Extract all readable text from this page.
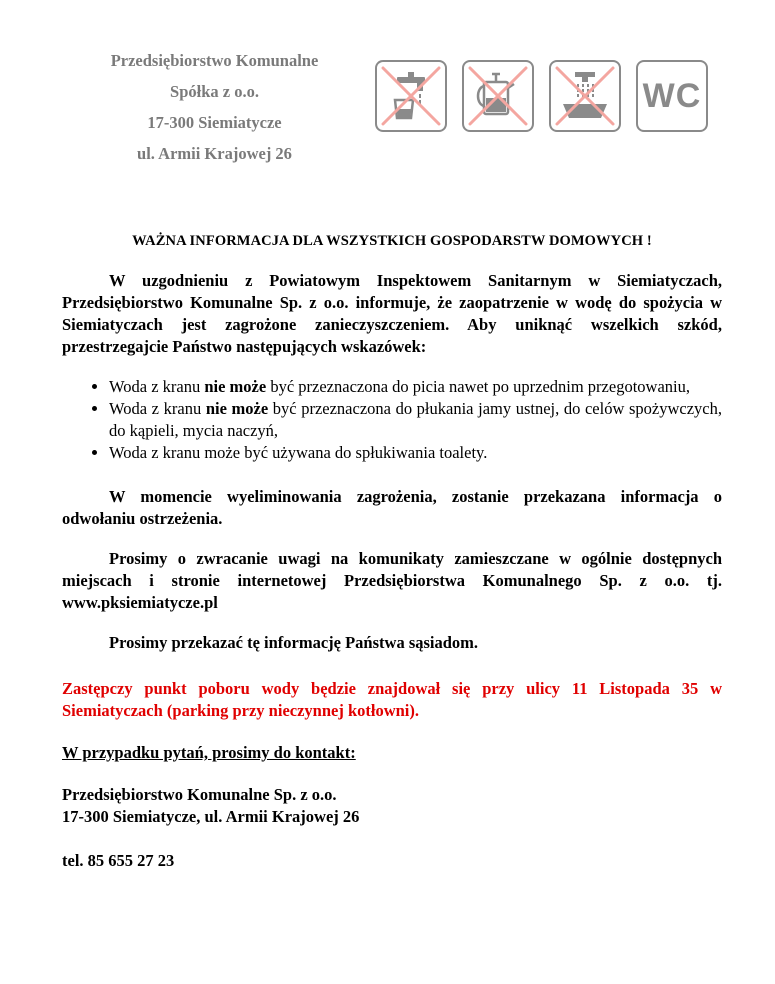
Przedsiębiorstwo Komunalne
Spółka z o.o.
17-300 Siemiatycze
ul. Armii Krajowej 26
WC
WAŻNA INFORMACJA DLA WSZYSTKICH GOSPODARSTW DOMOWYCH !

W uzgodnieniu z Powiatowym Inspektowem Sanitarnym w Siemiatyczach, Przedsiębiorstwo Komunalne Sp. z o.o. informuje, że zaopatrzenie w wodę do spożycia w Siemiatyczach jest zagrożone zanieczyszczeniem. Aby uniknąć wszelkich szkód, przestrzegajcie Państwo następujących wskazówek:

• Woda z kranu nie może być przeznaczona do picia nawet po uprzednim przegotowaniu,
• Woda z kranu nie może być przeznaczona do płukania jamy ustnej, do celów spożywczych, do kąpieli, mycia naczyń,
• Woda z kranu może być używana do spłukiwania toalety.

W momencie wyeliminowania zagrożenia, zostanie przekazana informacja o odwołaniu ostrzeżenia.

Prosimy o zwracanie uwagi na komunikaty zamieszczane w ogólnie dostępnych miejscach i stronie internetowej Przedsiębiorstwa Komunalnego Sp. z o.o. tj. www.pksiemiatycze.pl

Prosimy przekazać tę informację Państwa sąsiadom.

Zastępczy punkt poboru wody będzie znajdował się przy ulicy 11 Listopada 35 w Siemiatyczach (parking przy nieczynnej kotłowni).

W przypadku pytań, prosimy do kontakt:

Przedsiębiorstwo Komunalne Sp. z o.o.
17-300 Siemiatycze, ul. Armii Krajowej 26

tel. 85 655 27 23
